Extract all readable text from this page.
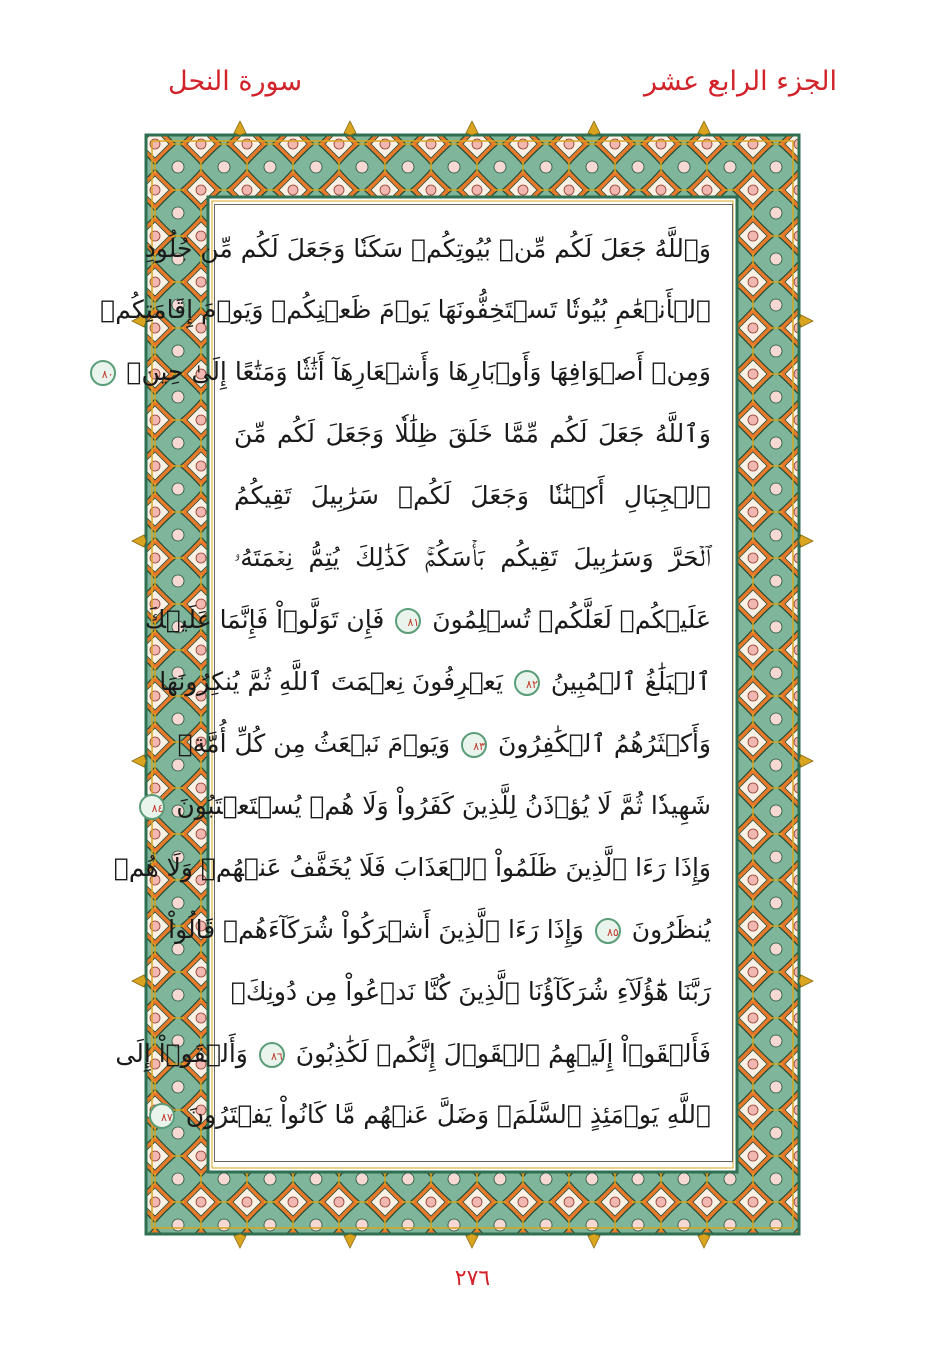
الجزء الرابع عشر
سورة النحل
وَٱللَّهُ جَعَلَ لَكُم مِّنۢ بُيُوتِكُمۡ سَكَنٗا وَجَعَلَ لَكُم مِّن جُلُودِ
ٱلۡأَنۡعَٰمِ بُيُوتٗا تَسۡتَخِفُّونَهَا يَوۡمَ ظَعۡنِكُمۡ وَيَوۡمَ إِقَامَتِكُمۡ
وَمِنۡ أَصۡوَافِهَا وَأَوۡبَارِهَا وَأَشۡعَارِهَآ أَثَٰثٗا وَمَتَٰعًا إِلَىٰ حِينٖ ٨٠
وَٱللَّهُ جَعَلَ لَكُم مِّمَّا خَلَقَ ظِلَٰلٗا وَجَعَلَ لَكُم مِّنَ
ٱلۡجِبَالِ أَكۡنَٰنٗا وَجَعَلَ لَكُمۡ سَرَٰبِيلَ تَقِيكُمُ
ٱلۡحَرَّ وَسَرَٰبِيلَ تَقِيكُم بَأۡسَكُمۡۚ كَذَٰلِكَ يُتِمُّ نِعۡمَتَهُۥ
عَلَيۡكُمۡ لَعَلَّكُمۡ تُسۡلِمُونَ ٨١ فَإِن تَوَلَّوۡاْ فَإِنَّمَا عَلَيۡكَ
ٱلۡبَلَٰغُ ٱلۡمُبِينُ ٨٢ يَعۡرِفُونَ نِعۡمَتَ ٱللَّهِ ثُمَّ يُنكِرُونَهَا
وَأَكۡثَرُهُمُ ٱلۡكَٰفِرُونَ ٨٣ وَيَوۡمَ نَبۡعَثُ مِن كُلِّ أُمَّةٖ
شَهِيدٗا ثُمَّ لَا يُؤۡذَنُ لِلَّذِينَ كَفَرُواْ وَلَا هُمۡ يُسۡتَعۡتَبُونَ ٨٤
وَإِذَا رَءَا ٱلَّذِينَ ظَلَمُواْ ٱلۡعَذَابَ فَلَا يُخَفَّفُ عَنۡهُمۡ وَلَا هُمۡ
يُنظَرُونَ ٨٥ وَإِذَا رَءَا ٱلَّذِينَ أَشۡرَكُواْ شُرَكَآءَهُمۡ قَالُواْ
رَبَّنَا هَٰٓؤُلَآءِ شُرَكَآؤُنَا ٱلَّذِينَ كُنَّا نَدۡعُواْ مِن دُونِكَۖ
فَأَلۡقَوۡاْ إِلَيۡهِمُ ٱلۡقَوۡلَ إِنَّكُمۡ لَكَٰذِبُونَ ٨٦ وَأَلۡقَوۡاْ إِلَى
ٱللَّهِ يَوۡمَئِذٍ ٱلسَّلَمَۖ وَضَلَّ عَنۡهُم مَّا كَانُواْ يَفۡتَرُونَ ٨٧
٢٧٦
